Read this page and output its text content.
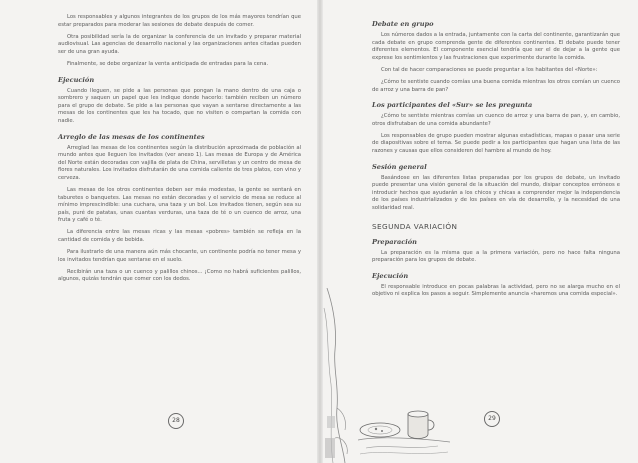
Los responsables y algunos integrantes de los grupos de los más mayores tendrían que estar preparados para moderar las sesiones de debate después de comer.

Otra posibilidad sería la de organizar la conferencia de un invitado y preparar material audiovisual. Las agencias de desarrollo nacional y las organizaciones antes citadas pueden ser de una gran ayuda.

Finalmente, se debe organizar la venta anticipada de entradas para la cena.

Ejecución

Cuando lleguen, se pide a las personas que pongan la mano dentro de una caja o sombrero y saquen un papel que les indique donde hacerlo: también reciben un número para el grupo de debate. Se pide a las personas que vayan a sentarse directamente a las mesas de los continentes que les ha tocado, que no visiten o compartan la comida con nadie.

Arreglo de las mesas de los continentes

Arreglad las mesas de los continentes según la distribución aproximada de población al mundo antes que lleguen los invitados (ver anexo 1). Las mesas de Europa y de América del Norte están decoradas con vajilla de plata de China, servilletas y un centro de mesa de flores naturales. Los invitados disfrutarán de una comida caliente de tres platos, con vino y cerveza.

Las mesas de los otros continentes deben ser más modestas, la gente se sentará en taburetes o banquetes. Las mesas no están decoradas y el servicio de mesa se reduce al mínimo imprescindible: una cuchara, una taza y un bol. Los invitados tienen, según sea su país, puré de patatas, unas cuantas verduras, una taza de té o un cuenco de arroz, una fruta y café o té.

La diferencia entre las mesas ricas y las mesas «pobres» también se refleja en la cantidad de comida y de bebida.

Para ilustrarlo de una manera aún más chocante, un continente podría no tener mesa y los invitados tendrían que sentarse en el suelo.

Recibirán una taza o un cuenco y palillos chinos... ¡Como no habrá suficientes palillos, algunos, quizás tendrán que comer con los dedos.

28
Debate en grupo

Los números dados a la entrada, juntamente con la carta del continente, garantizarán que cada debate en grupo comprenda gente de diferentes continentes. El debate puede tener diferentes elementos. El componente esencial tendría que ser el de dejar a la gente que exprese los sentimientos y las frustraciones que experimente durante la comida.

Con tal de hacer comparaciones se puede preguntar a los habitantes del «Norte»:

¿Cómo te sentiste cuando comías una buena comida mientras los otros comían un cuenco de arroz y una barra de pan?

Los participantes del «Sur» se les pregunta

¿Cómo te sentiste mientras comías un cuenco de arroz y una barra de pan, y, en cambio, otros disfrutaban de una comida abundante?

Los responsables de grupo pueden mostrar algunas estadísticas, mapas o pasar una serie de diapositivas sobre el tema. Se puede pedir a los participantes que hagan una lista de las razones y causas que ellos consideren del hambre al mundo de hoy.

Sesión general

Basándose en las diferentes listas preparadas por los grupos de debate, un invitado puede presentar una visión general de la situación del mundo, disipar conceptos erróneos e introducir hechos que ayudarán a los chicos y chicas a comprender mejor la independencia de los países industrializados y de los países en vía de desarrollo, y la necesidad de una solidaridad real.

SEGUNDA VARIACIÓN
Preparación

La preparación es la misma que a la primera variación, pero no hace falta ninguna preparación para los grupos de debate.

Ejecución

El responsable introduce en pocas palabras la actividad, pero no se alarga mucho en el objetivo ni explica los pasos a seguir. Simplemente anuncia «haremos una comida especial».

29
